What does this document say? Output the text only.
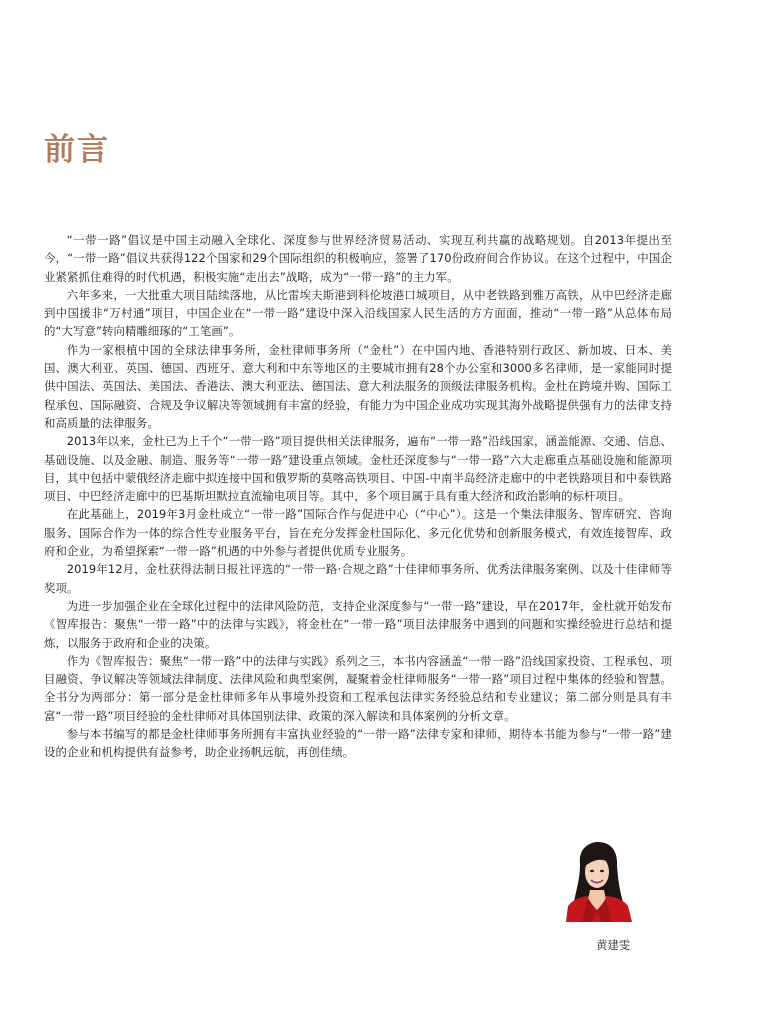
前言

“一带一路”倡议是中国主动融入全球化、深度参与世界经济贸易活动、实现互利共赢的战略规划。自2013年提出至今，“一带一路”倡议共获得122个国家和29个国际组织的积极响应，签署了170份政府间合作协议。在这个过程中，中国企业紧紧抓住难得的时代机遇，积极实施“走出去”战略，成为“一带一路”的主力军。

六年多来，一大批重大项目陆续落地，从比雷埃夫斯港到科伦坡港口城项目，从中老铁路到雅万高铁，从中巴经济走廊到中国援非“万村通”项目，中国企业在“一带一路”建设中深入沿线国家人民生活的方方面面，推动“一带一路”从总体布局的“大写意”转向精雕细琢的“工笔画”。

作为一家根植中国的全球法律事务所，金杜律师事务所（“金杜”）在中国内地、香港特别行政区、新加坡、日本、美国、澳大利亚、英国、德国、西班牙、意大利和中东等地区的主要城市拥有28个办公室和3000多名律师，是一家能同时提供中国法、英国法、美国法、香港法、澳大利亚法、德国法、意大利法服务的顶级法律服务机构。金杜在跨境并购、国际工程承包、国际融资、合规及争议解决等领域拥有丰富的经验，有能力为中国企业成功实现其海外战略提供强有力的法律支持和高质量的法律服务。

2013年以来，金杜已为上千个“一带一路”项目提供相关法律服务，遍布“一带一路”沿线国家，涵盖能源、交通、信息、基础设施、以及金融、制造、服务等“一带一路”建设重点领域。金杜还深度参与“一带一路”六大走廊重点基础设施和能源项目，其中包括中蒙俄经济走廊中拟连接中国和俄罗斯的莫喀高铁项目、中国-中南半岛经济走廊中的中老铁路项目和中泰铁路项目、中巴经济走廊中的巴基斯坦默拉直流输电项目等。其中，多个项目属于具有重大经济和政治影响的标杆项目。

在此基础上，2019年3月金杜成立“一带一路”国际合作与促进中心（“中心”）。这是一个集法律服务、智库研究、咨询服务、国际合作为一体的综合性专业服务平台，旨在充分发挥金杜国际化、多元化优势和创新服务模式，有效连接智库、政府和企业，为希望探索“一带一路”机遇的中外参与者提供优质专业服务。

2019年12月，金杜获得法制日报社评选的“一带一路·合规之路”十佳律师事务所、优秀法律服务案例、以及十佳律师等奖项。

为进一步加强企业在全球化过程中的法律风险防范，支持企业深度参与“一带一路”建设，早在2017年，金杜就开始发布《智库报告：聚焦“一带一路”中的法律与实践》，将金杜在“一带一路”项目法律服务中遇到的问题和实操经验进行总结和提炼，以服务于政府和企业的决策。

作为《智库报告：聚焦“一带一路”中的法律与实践》系列之三，本书内容涵盖“一带一路”沿线国家投资、工程承包、项目融资、争议解决等领域法律制度、法律风险和典型案例，凝聚着金杜律师服务“一带一路”项目过程中集体的经验和智慧。全书分为两部分：第一部分是金杜律师多年从事境外投资和工程承包法律实务经验总结和专业建议；第二部分则是具有丰富“一带一路”项目经验的金杜律师对具体国别法律、政策的深入解读和具体案例的分析文章。

参与本书编写的都是金杜律师事务所拥有丰富执业经验的“一带一路”法律专家和律师，期待本书能为参与“一带一路”建设的企业和机构提供有益参考，助企业扬帆远航，再创佳绩。

黄建雯
